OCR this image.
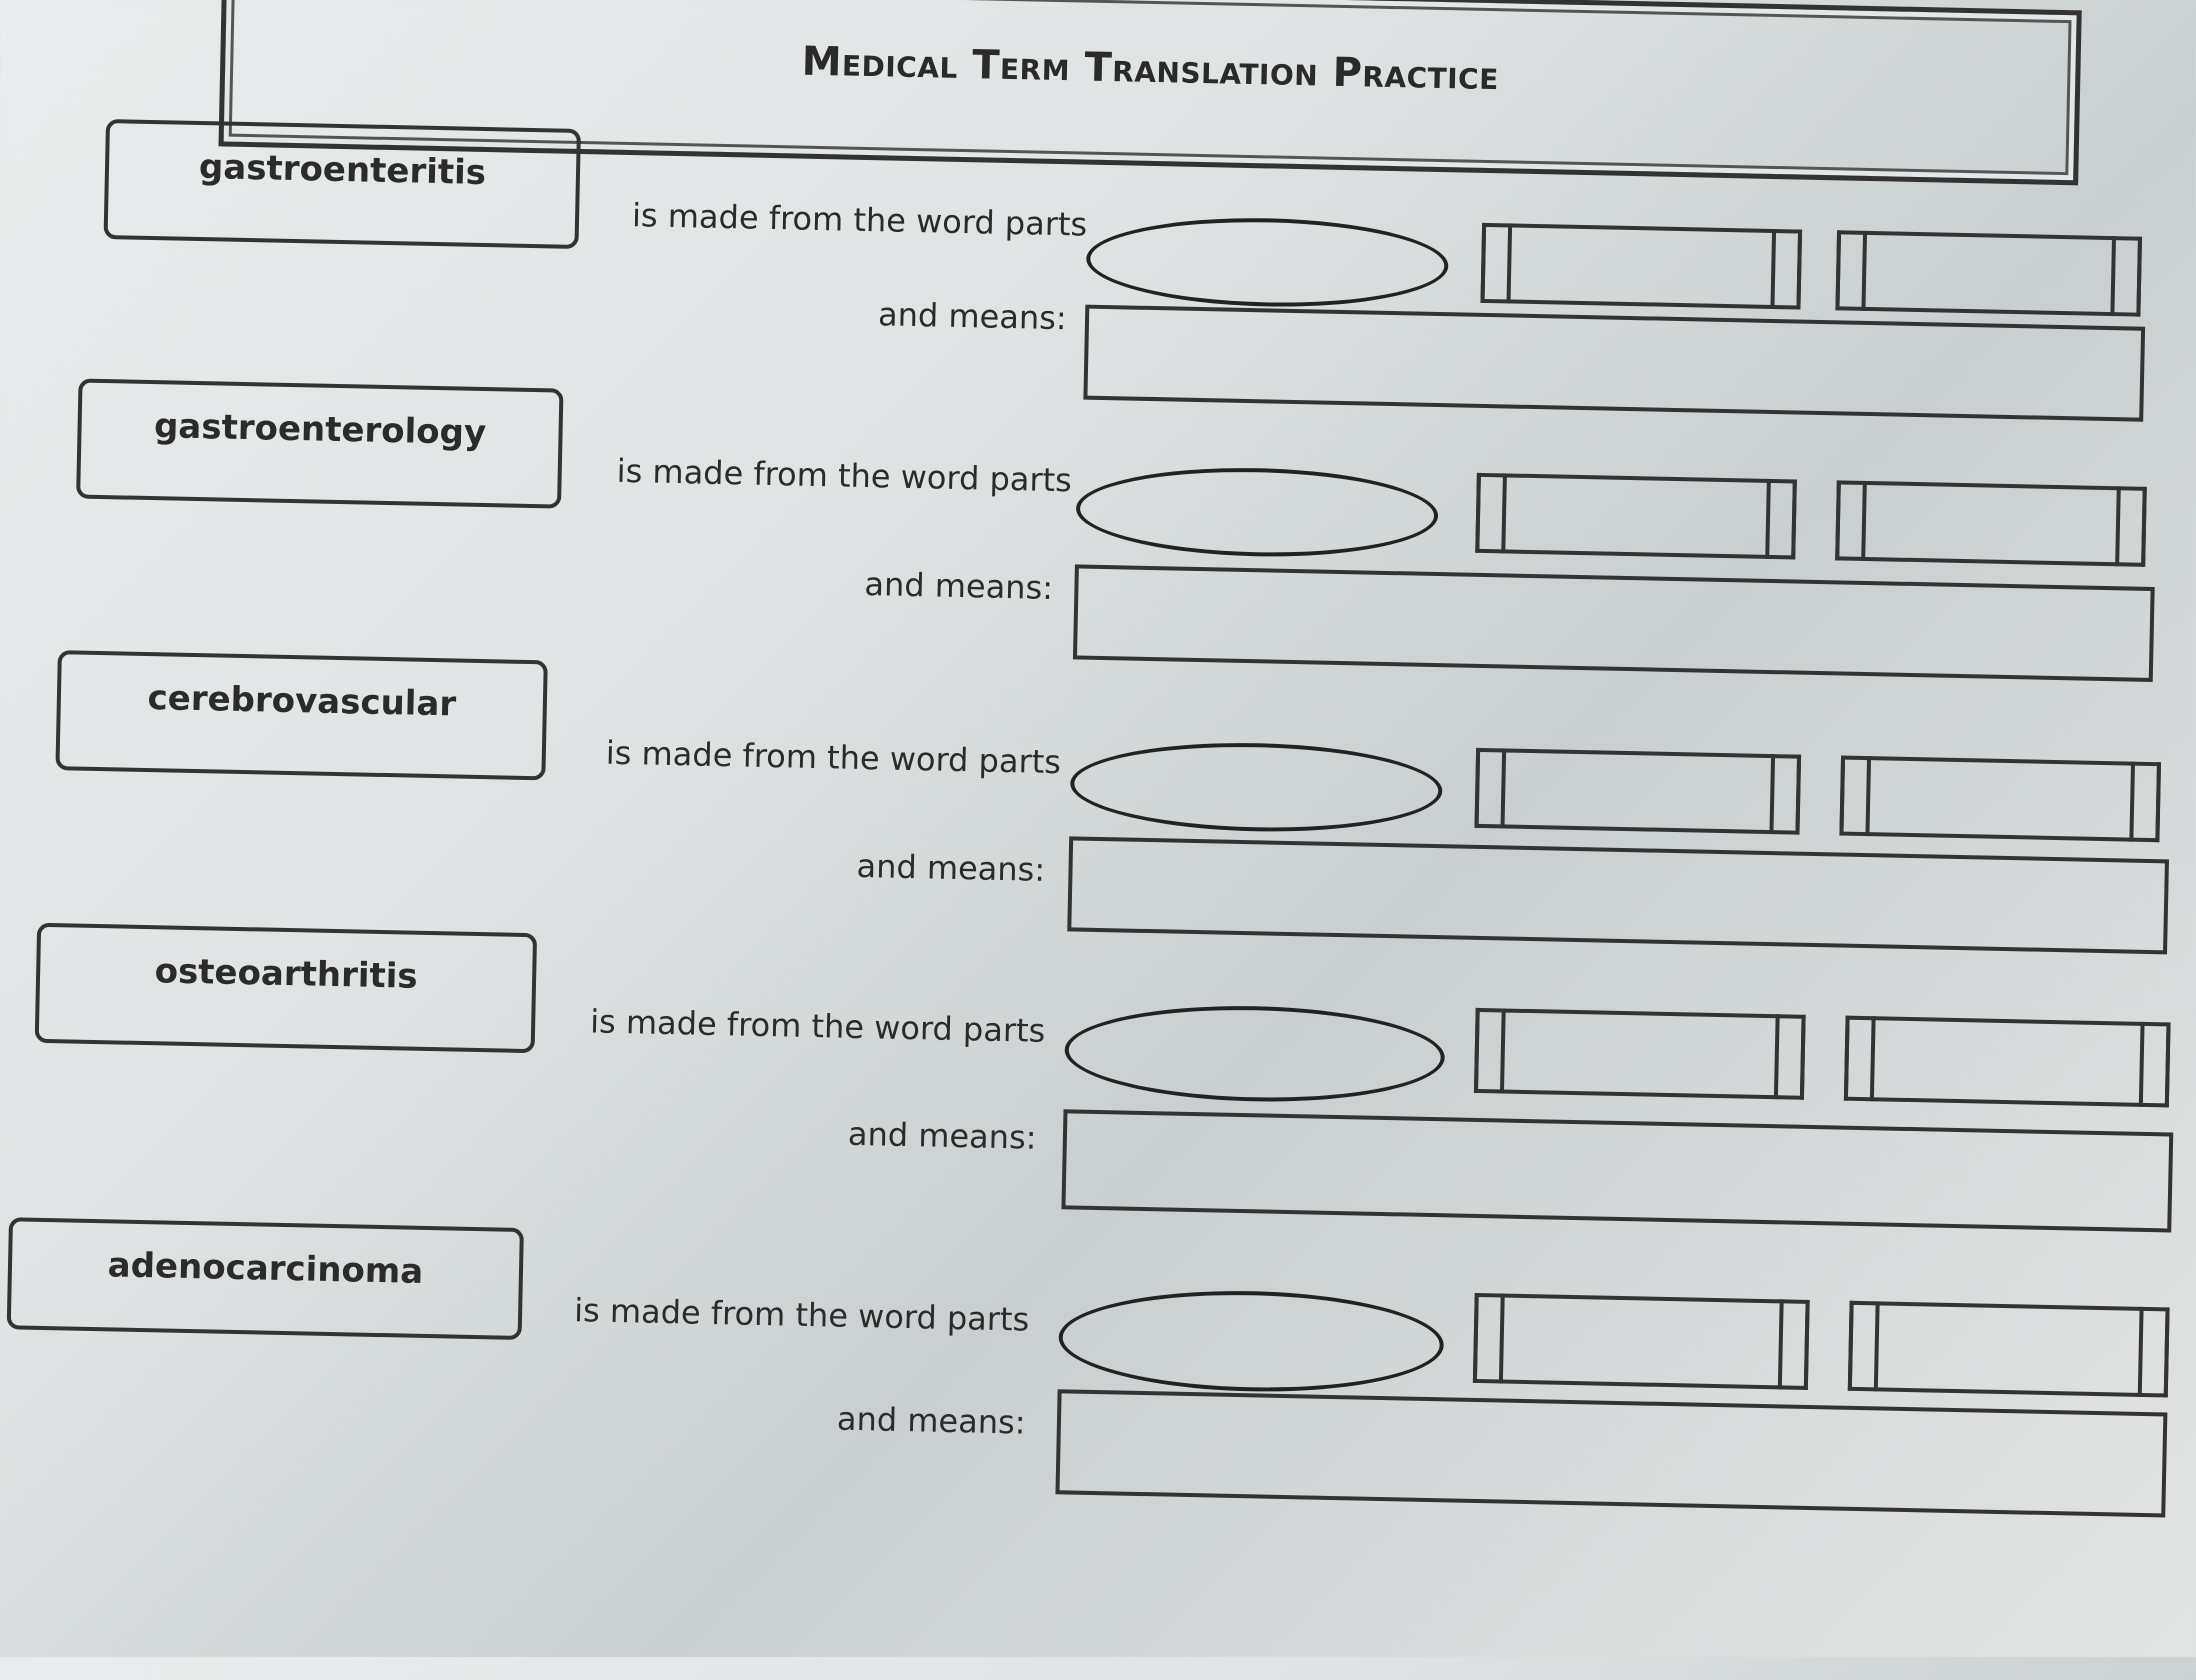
Medical Term Translation Practice
gastroenteritis
is made from the word parts
and means:
gastroenterology
is made from the word parts
and means:
cerebrovascular
is made from the word parts
and means:
osteoarthritis
is made from the word parts
and means:
adenocarcinoma
is made from the word parts
and means:
